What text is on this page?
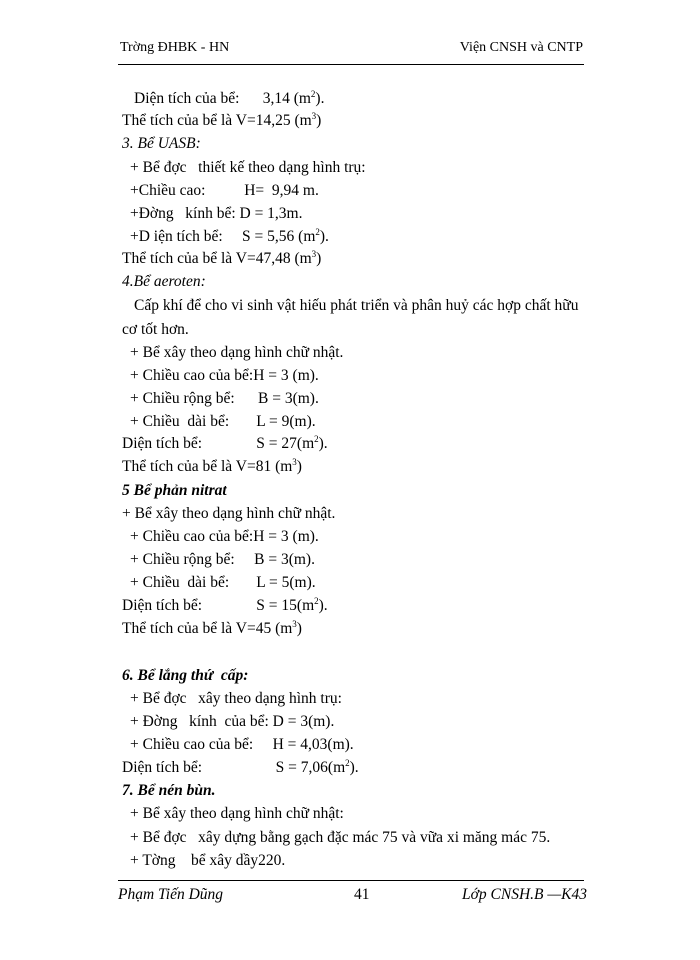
Trờng ĐHBK - HN	Viện CNSH và CNTP
Diện tích của bể:      3,14 $(m^2)$.
Thể tích của bể là V=14,25 $(m^3)$
3. Bể UASB:
+ Bể đợc   thiết kế theo dạng hình trụ:
+Chiều cao:          H=  9,94 m.
+Đờng   kính bể: D = 1,3m.
+D iện tích bể:     S = 5,56 $(m^2)$.
Thể tích của bể là V=47,48 $(m^3)$
4.Bể aeroten:
Cấp khí để cho vi sinh vật hiếu phát triển và phân huỷ các hợp chất hữu
cơ tốt hơn.
+ Bể xây theo dạng hình chữ nhật.
+ Chiều cao của bể:H = 3 (m).
+ Chiều rộng bể:      B = 3(m).
+ Chiều  dài bể:       L = 9(m).
Diện tích bể:              $S = 27(m^2)$.
Thể tích của bể là V=81 $(m^3)$
5 Bể phản nitrat
+ Bể xây theo dạng hình chữ nhật.
+ Chiều cao của bể:H = 3 (m).
+ Chiều rộng bể:     B = 3(m).
+ Chiều  dài bể:       L = 5(m).
Diện tích bể:              $S = 15(m^2)$.
Thể tích của bể là V=45 $(m^3)$
6. Bể lắng thứ  cấp:
+ Bể đợc   xây theo dạng hình trụ:
+ Đờng   kính  của bể: D = 3(m).
+ Chiều cao của bể:     H = 4,03(m).
Diện tích bể:                   $S = 7,06(m^2)$.
7. Bể nén bùn.
+ Bể xây theo dạng hình chữ nhật:
+ Bể đợc   xây dựng bằng gạch đặc mác 75 và vữa xi măng mác 75.
+ Tờng    bể xây dầy220.
Phạm Tiến Dũng	41	Lớp CNSH.B —K43
